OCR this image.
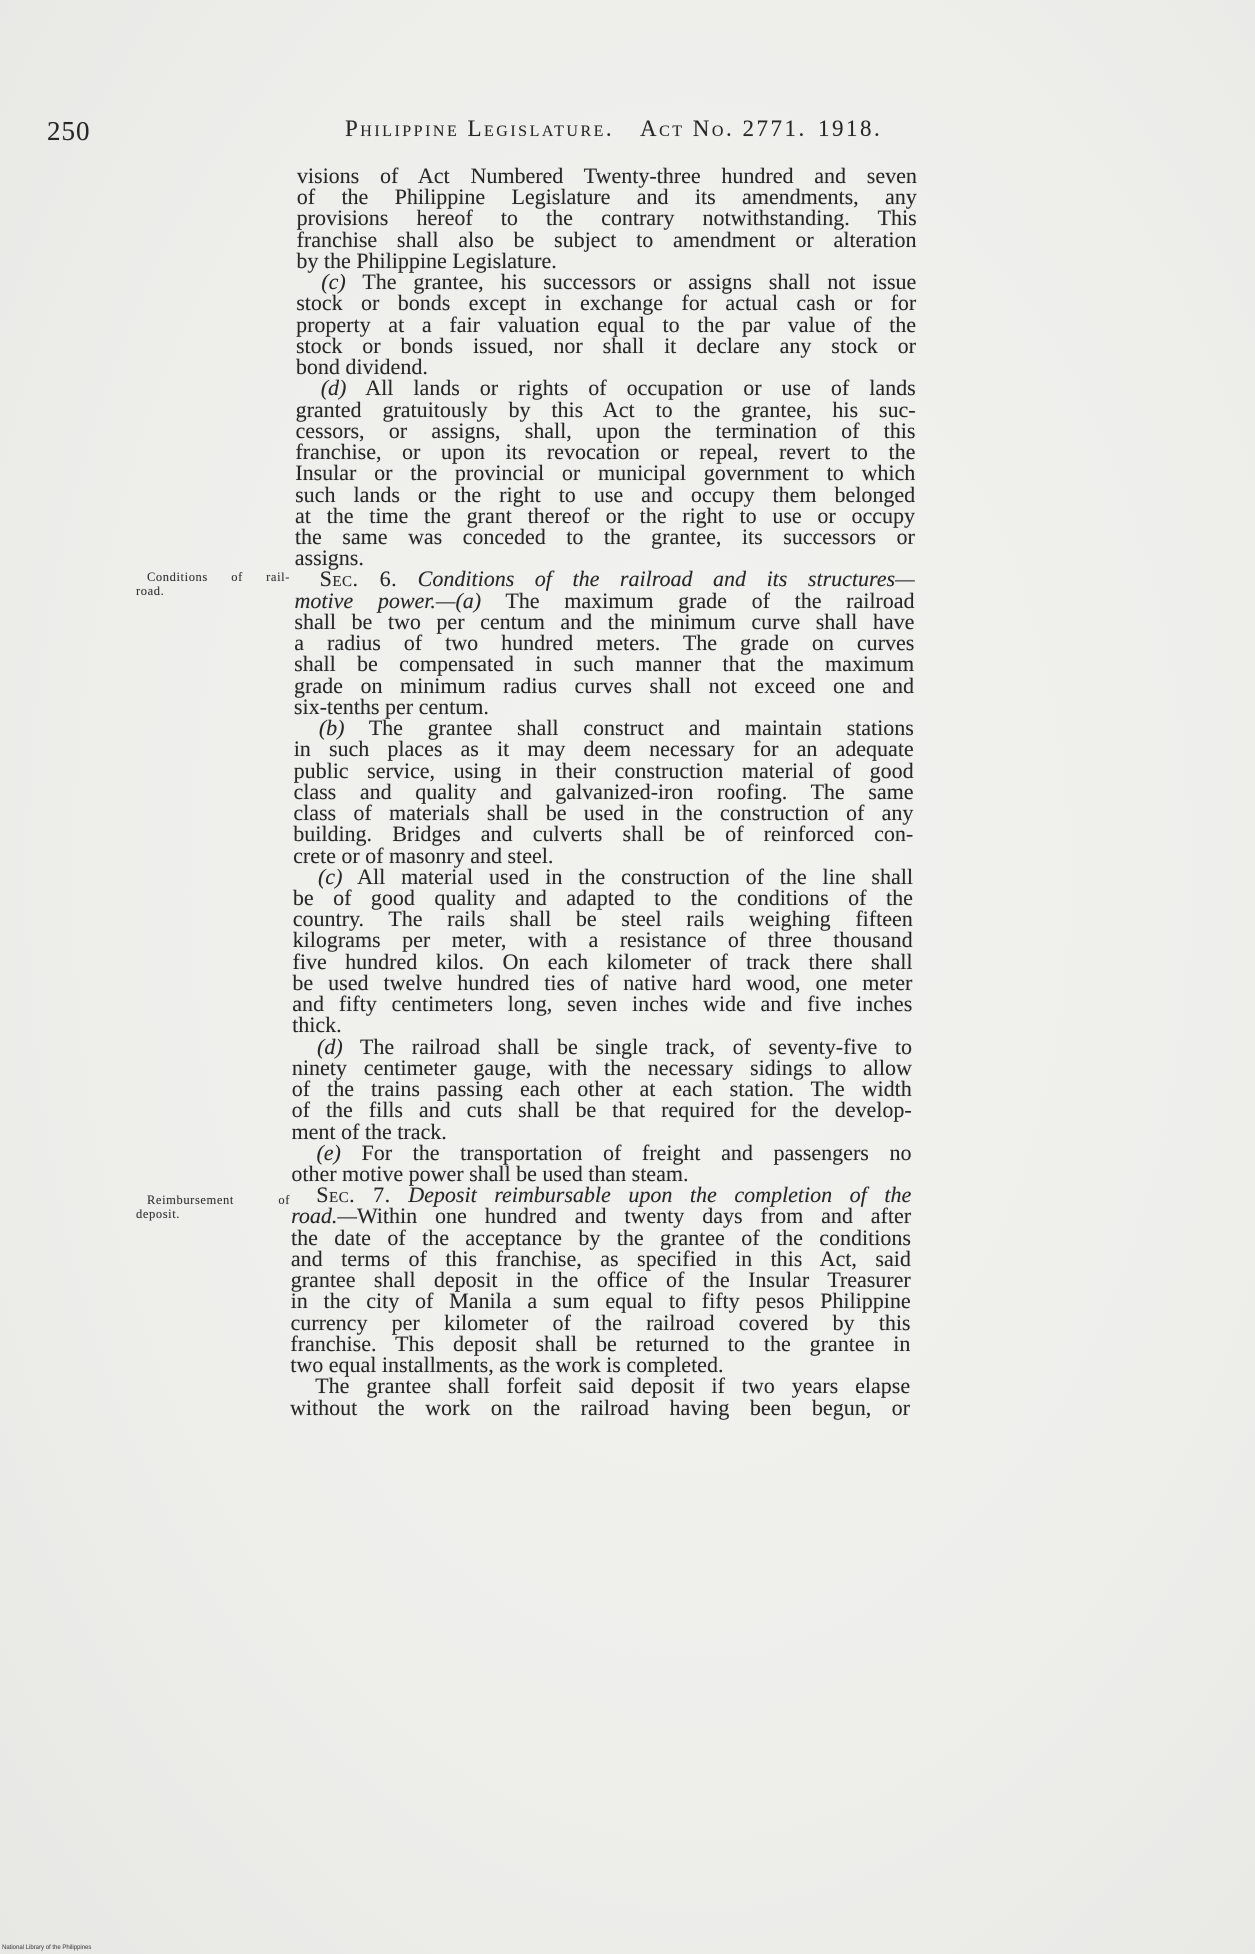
250	Philippine Legislature. Act No. 2771. 1918.
Conditions of rail-
road.
Reimbursement of
deposit.
visions of Act Numbered Twenty-three hundred and seven
of the Philippine Legislature and its amendments, any
provisions hereof to the contrary notwithstanding. This
franchise shall also be subject to amendment or alteration
by the Philippine Legislature.
(c) The grantee, his successors or assigns shall not issue
stock or bonds except in exchange for actual cash or for
property at a fair valuation equal to the par value of the
stock or bonds issued, nor shall it declare any stock or
bond dividend.
(d) All lands or rights of occupation or use of lands
granted gratuitously by this Act to the grantee, his suc-
cessors, or assigns, shall, upon the termination of this
franchise, or upon its revocation or repeal, revert to the
Insular or the provincial or municipal government to which
such lands or the right to use and occupy them belonged
at the time the grant thereof or the right to use or occupy
the same was conceded to the grantee, its successors or
assigns.
Sec. 6. Conditions of the railroad and its structures—
motive power.—(a) The maximum grade of the railroad
shall be two per centum and the minimum curve shall have
a radius of two hundred meters. The grade on curves
shall be compensated in such manner that the maximum
grade on minimum radius curves shall not exceed one and
six-tenths per centum.
(b) The grantee shall construct and maintain stations
in such places as it may deem necessary for an adequate
public service, using in their construction material of good
class and quality and galvanized-iron roofing. The same
class of materials shall be used in the construction of any
building. Bridges and culverts shall be of reinforced con-
crete or of masonry and steel.
(c) All material used in the construction of the line shall
be of good quality and adapted to the conditions of the
country. The rails shall be steel rails weighing fifteen
kilograms per meter, with a resistance of three thousand
five hundred kilos. On each kilometer of track there shall
be used twelve hundred ties of native hard wood, one meter
and fifty centimeters long, seven inches wide and five inches
thick.
(d) The railroad shall be single track, of seventy-five to
ninety centimeter gauge, with the necessary sidings to allow
of the trains passing each other at each station. The width
of the fills and cuts shall be that required for the develop-
ment of the track.
(e) For the transportation of freight and passengers no
other motive power shall be used than steam.
Sec. 7. Deposit reimbursable upon the completion of the
road.—Within one hundred and twenty days from and after
the date of the acceptance by the grantee of the conditions
and terms of this franchise, as specified in this Act, said
grantee shall deposit in the office of the Insular Treasurer
in the city of Manila a sum equal to fifty pesos Philippine
currency per kilometer of the railroad covered by this
franchise. This deposit shall be returned to the grantee in
two equal installments, as the work is completed.
The grantee shall forfeit said deposit if two years elapse
without the work on the railroad having been begun, or
National Library of the Philippines
